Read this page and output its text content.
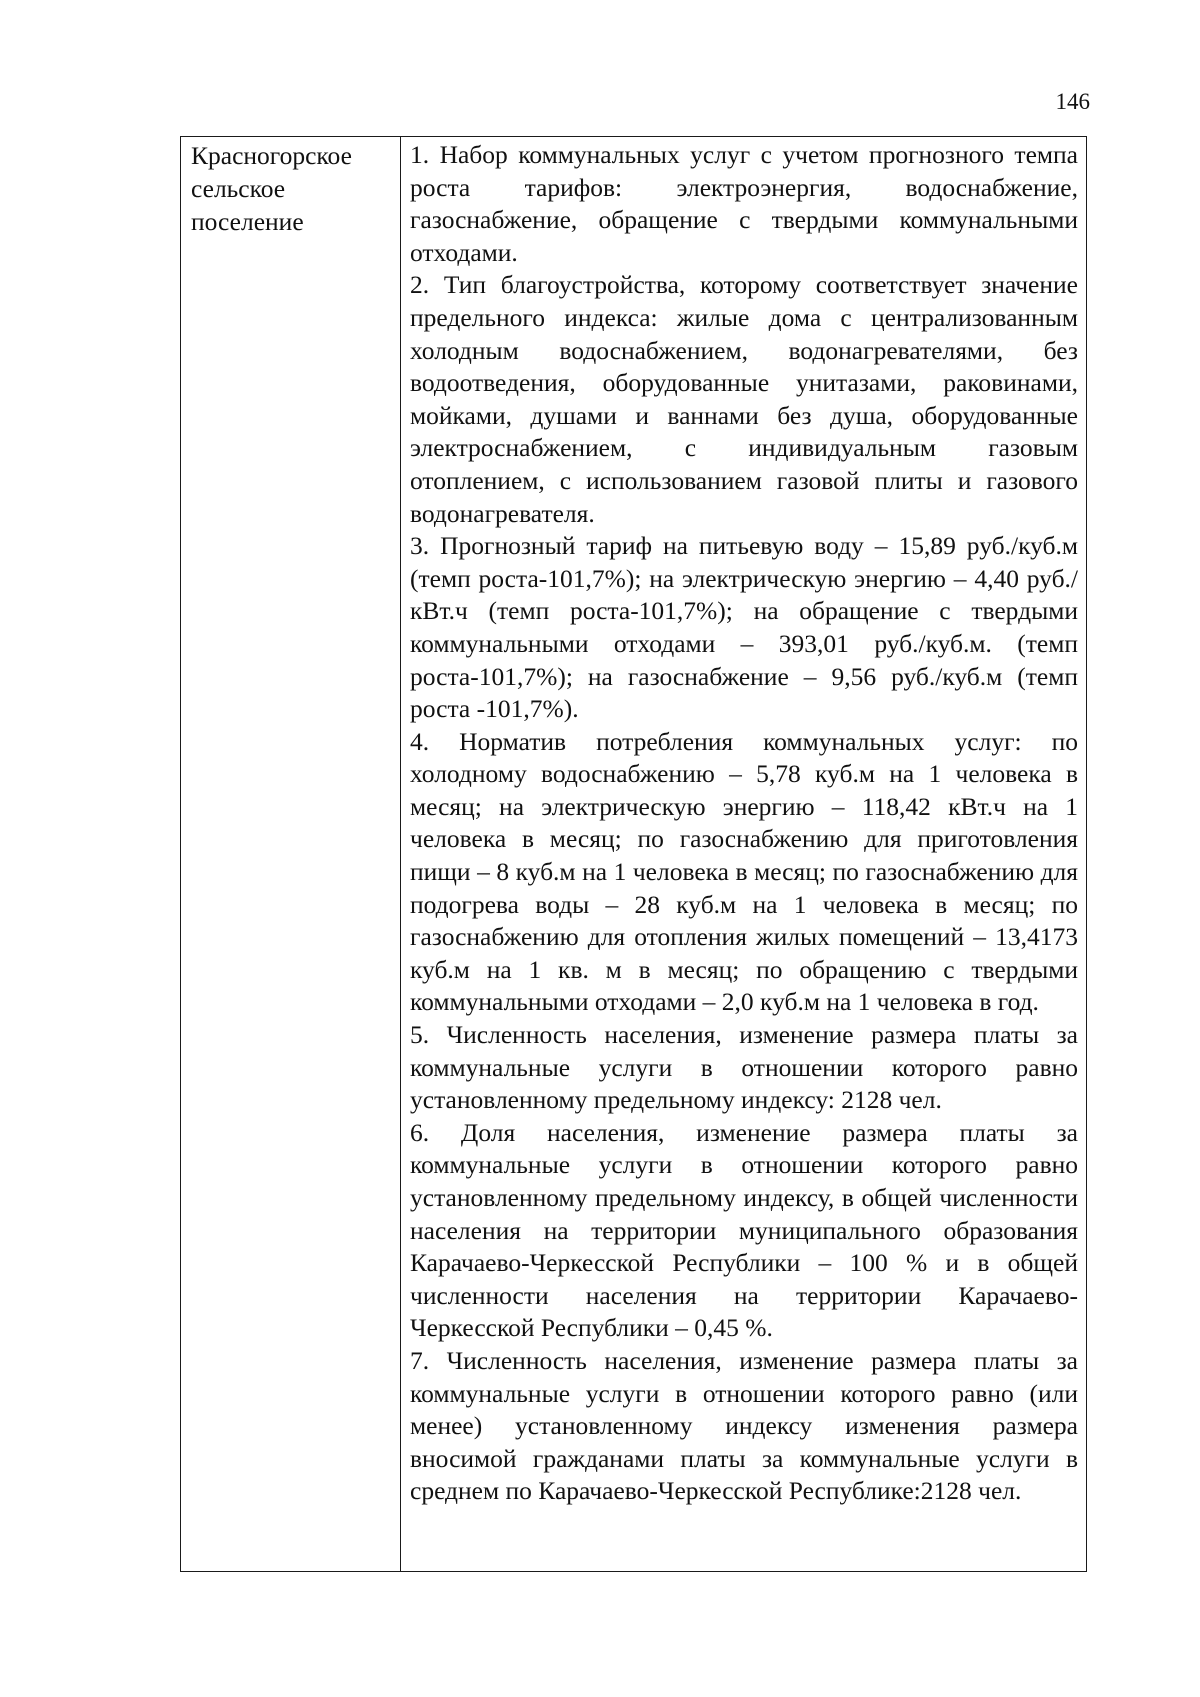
146
Красногорское
сельское
поселение

1. Набор коммунальных услуг с учетом прогнозного темпа роста тарифов: электроэнергия, водоснабжение, газоснабжение, обращение с твердыми коммунальными отходами.

2. Тип благоустройства, которому соответствует значение предельного индекса: жилые дома с централизованным холодным водоснабжением, водонагревателями, без водоотведения, оборудованные унитазами, раковинами, мойками, душами и ваннами без душа, оборудованные электроснабжением, с индивидуальным газовым отоплением, с использованием газовой плиты и газового водонагревателя.

3. Прогнозный тариф на питьевую воду – 15,89 руб./куб.м (темп роста-101,7%); на электрическую энергию – 4,40 руб./кВт.ч (темп роста-101,7%); на обращение с твердыми коммунальными отходами – 393,01 руб./куб.м. (темп роста-101,7%); на газоснабжение – 9,56 руб./куб.м (темп роста -101,7%).

4. Норматив потребления коммунальных услуг: по холодному водоснабжению – 5,78 куб.м на 1 человека в месяц; на электрическую энергию – 118,42 кВт.ч на 1 человека в месяц; по газоснабжению для приготовления пищи – 8 куб.м на 1 человека в месяц; по газоснабжению для подогрева воды – 28 куб.м на 1 человека в месяц; по газоснабжению для отопления жилых помещений – 13,4173 куб.м на 1 кв. м в месяц; по обращению с твердыми коммунальными отходами – 2,0 куб.м на 1 человека в год.

5. Численность населения, изменение размера платы за коммунальные услуги в отношении которого равно установленному предельному индексу: 2128 чел.

6. Доля населения, изменение размера платы за коммунальные услуги в отношении которого равно установленному предельному индексу, в общей численности населения на территории муниципального образования Карачаево-Черкесской Республики – 100 % и в общей численности населения на территории Карачаево-Черкесской Республики – 0,45 %.

7. Численность населения, изменение размера платы за коммунальные услуги в отношении которого равно (или менее) установленному индексу изменения размера вносимой гражданами платы за коммунальные услуги в среднем по Карачаево-Черкесской Республике:2128 чел.
